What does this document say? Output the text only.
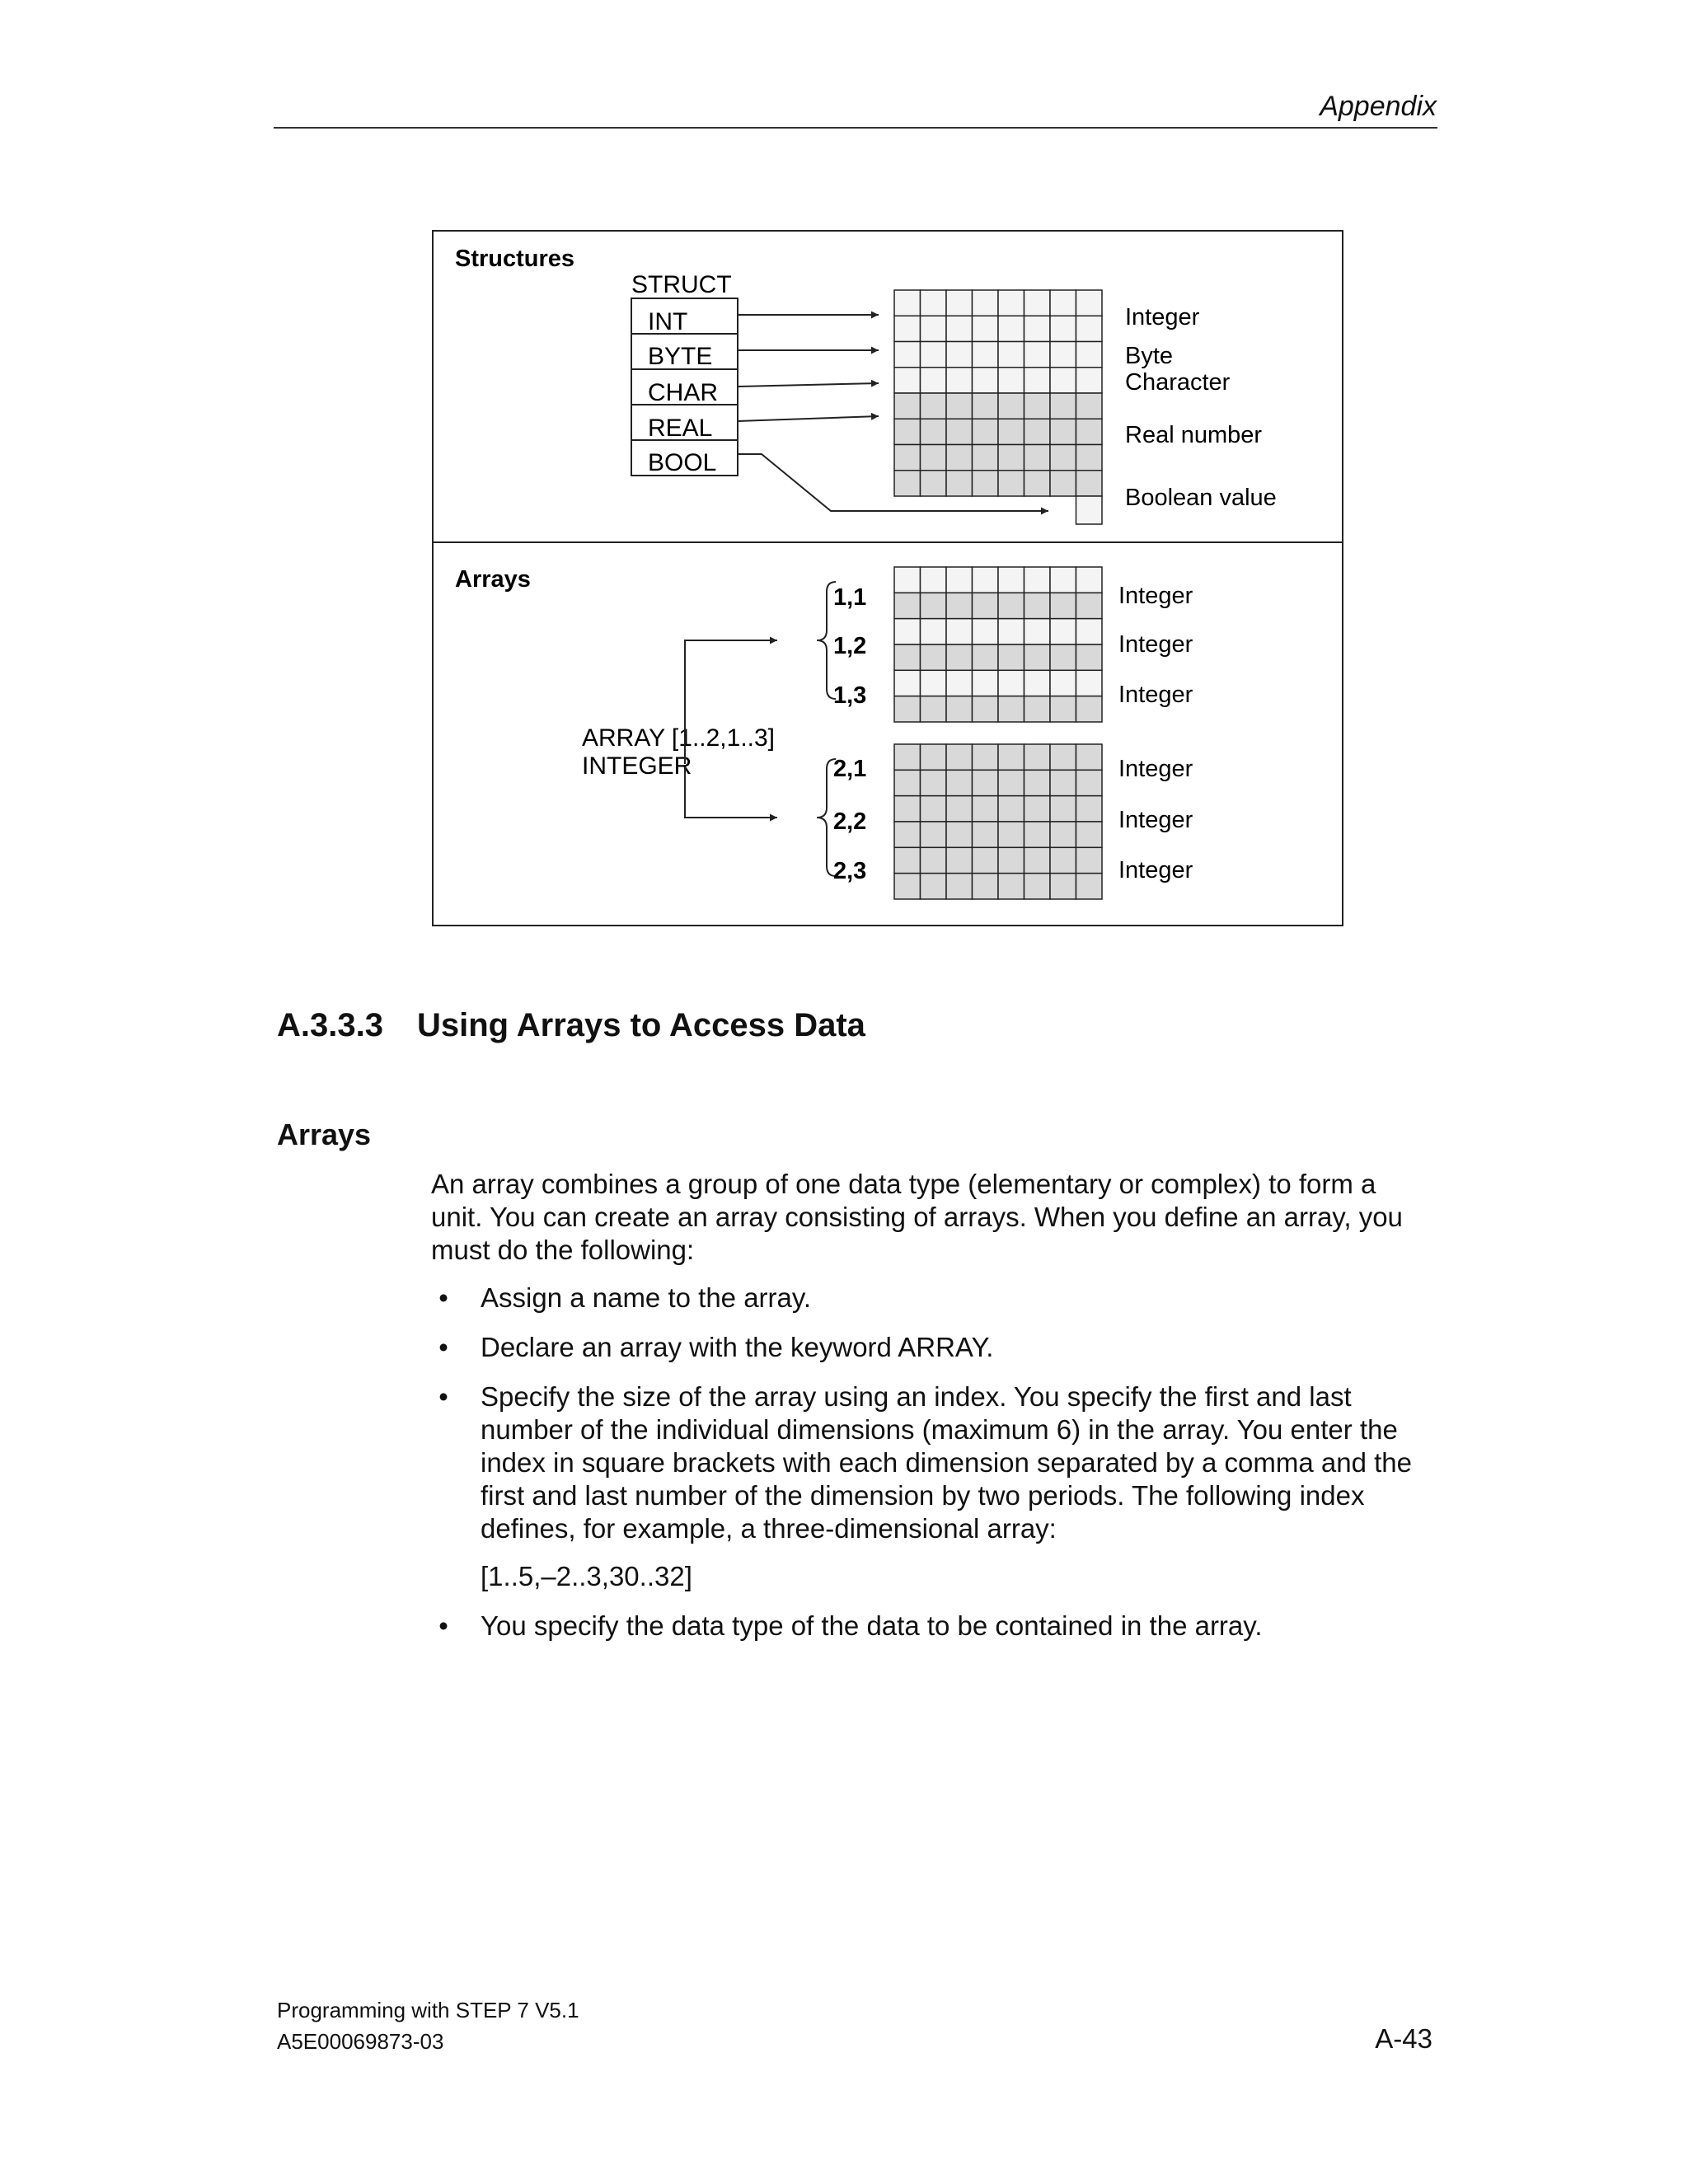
Appendix
Structures
STRUCT
INT
BYTE
CHAR
REAL
BOOL
Integer
Byte
Character
Real number
Boolean value
Arrays
ARRAY [1..2,1..3]
INTEGER
1,1
1,2
1,3
2,1
2,2
2,3
Integer
Integer
Integer
Integer
Integer
Integer
A.3.3.3 Using Arrays to Access Data
Arrays

An array combines a group of one data type (elementary or complex) to form a unit. You can create an array consisting of arrays. When you define an array, you must do the following:

• Assign a name to the array.
• Declare an array with the keyword ARRAY.
• Specify the size of the array using an index. You specify the first and last number of the individual dimensions (maximum 6) in the array. You enter the index in square brackets with each dimension separated by a comma and the first and last number of the dimension by two periods. The following index defines, for example, a three-dimensional array:
[1..5,–2..3,30..32]
• You specify the data type of the data to be contained in the array.
Programming with STEP 7 V5.1
A5E00069873-03	A-43
